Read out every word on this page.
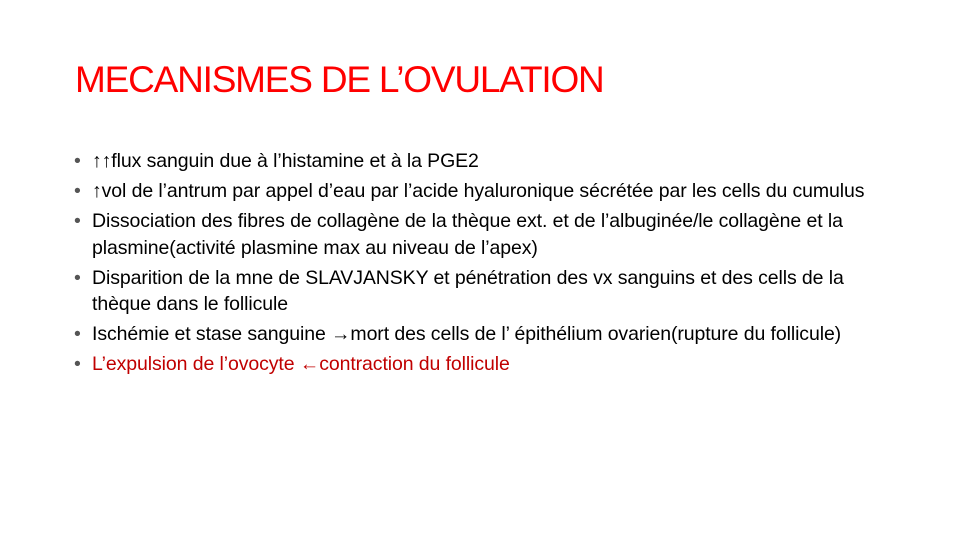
MECANISMES DE L’OVULATION
• ↑↑flux sanguin due à l’histamine et à la PGE2
• ↑vol de l’antrum par appel d’eau par l’acide hyaluronique sécrétée par les cells du cumulus
• Dissociation des fibres de collagène de la thèque ext. et de l’albuginée/le collagène et la plasmine(activité plasmine max au niveau de l’apex)
• Disparition de la mne de SLAVJANSKY et pénétration des vx sanguins et des cells de la thèque dans le follicule
• Ischémie et stase sanguine →mort des cells de l’ épithélium ovarien(rupture du follicule)
• L’expulsion de l’ovocyte ←contraction du follicule
